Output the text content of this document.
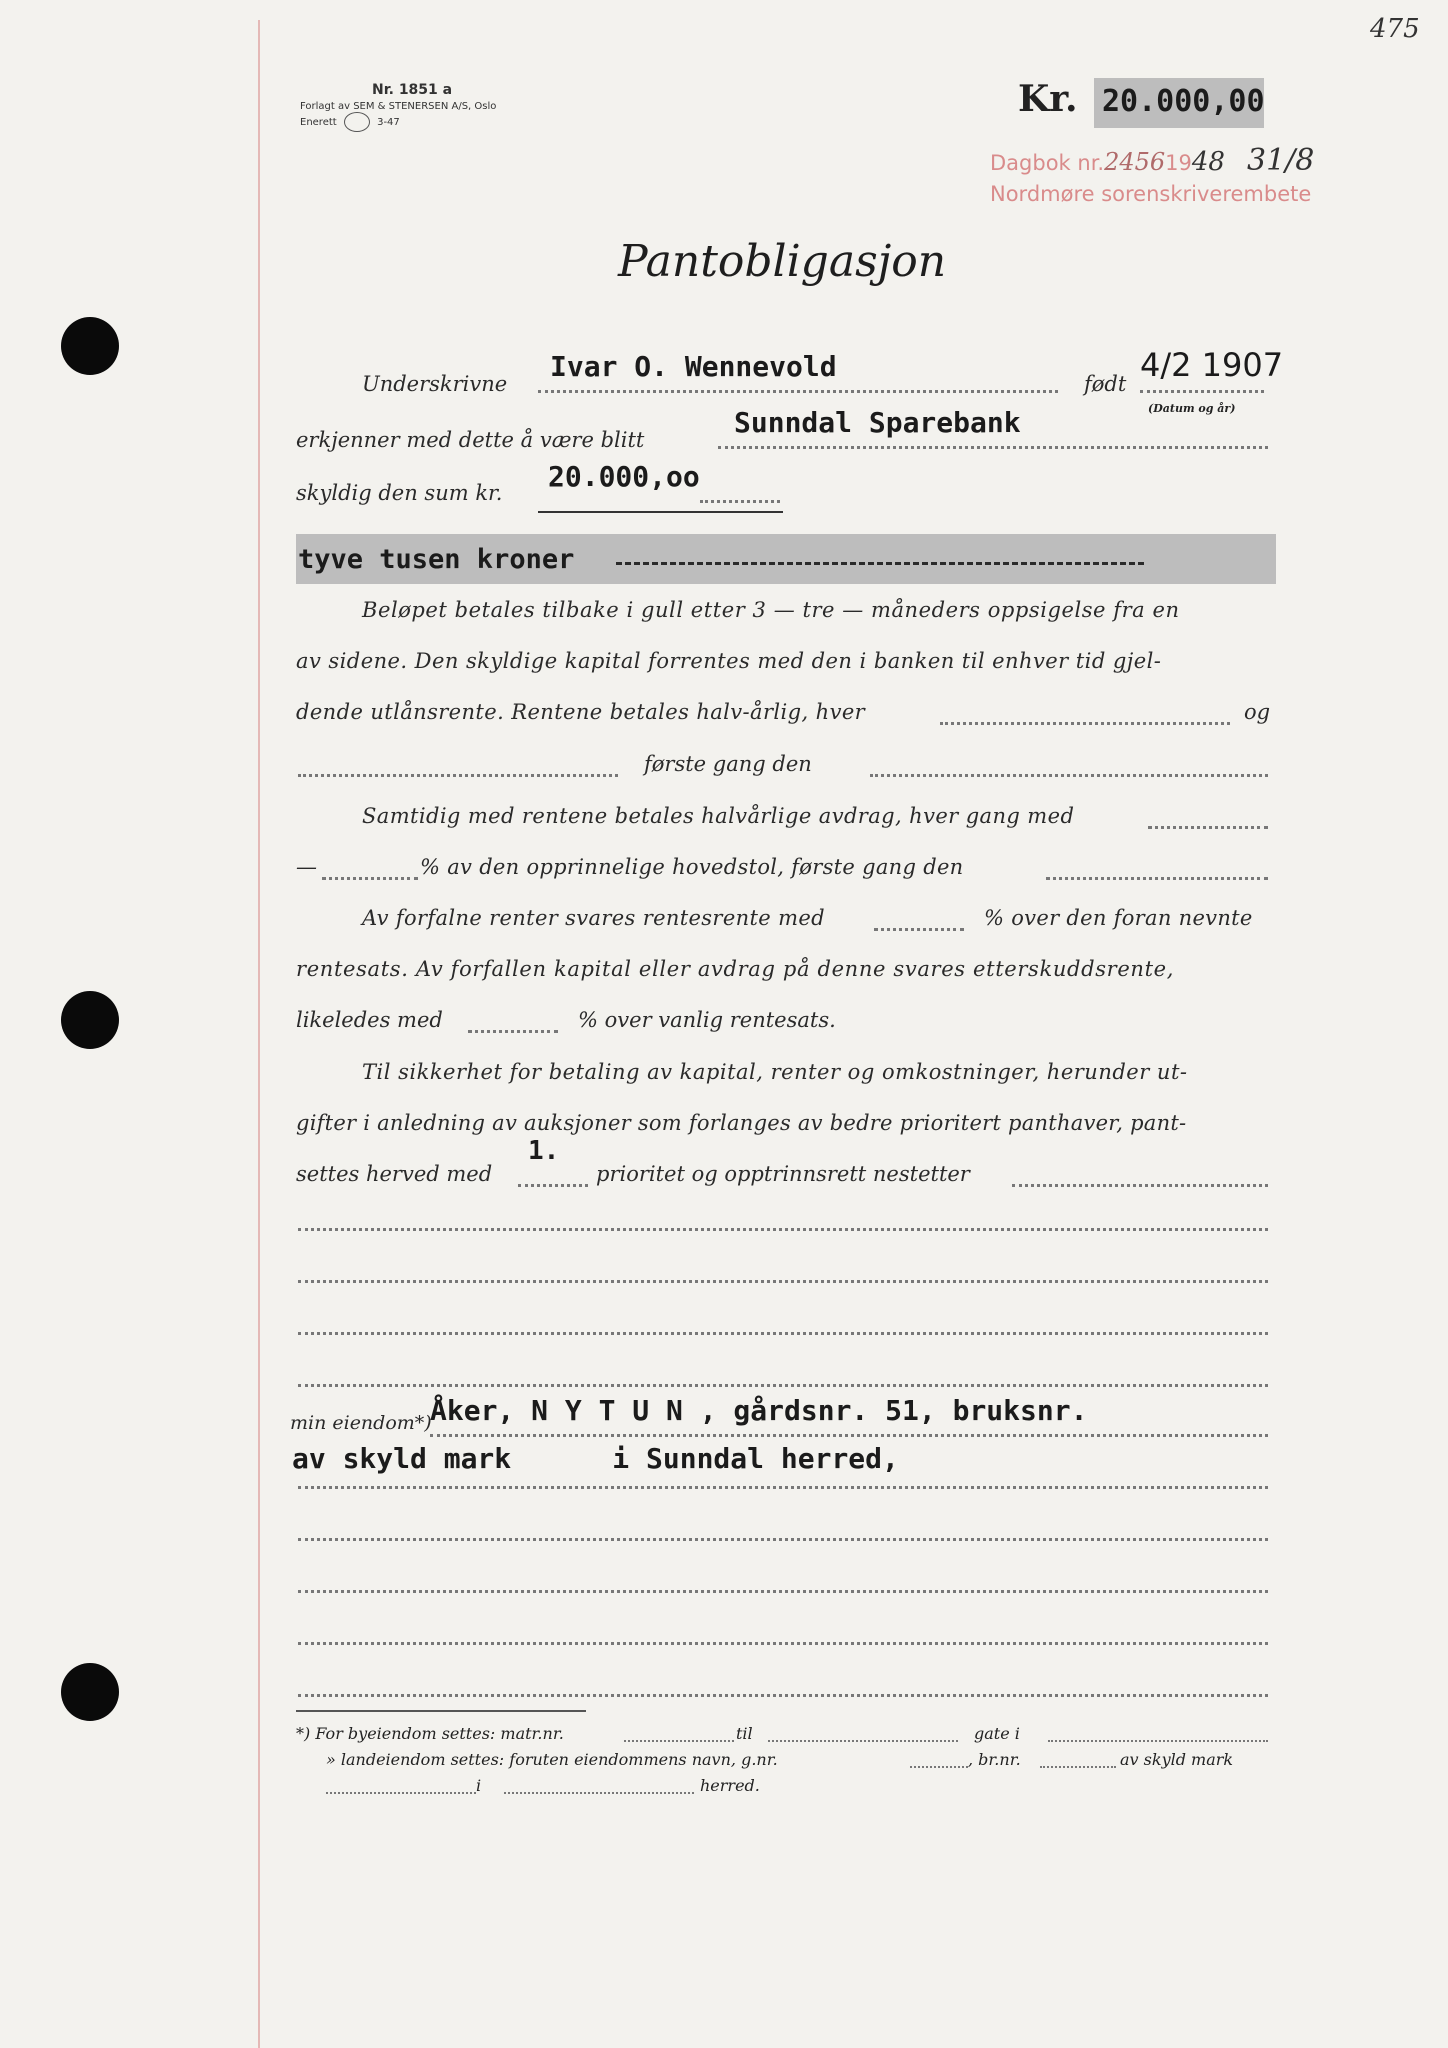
475
Nr. 1851 a
Forlagt av SEM & STENERSEN A/S, Oslo
Enerett	3-47
Kr. 20.000,00
Dagbok nr.24561948 31/8
Nordmøre sorenskriverembete
Pantobligasjon
Underskrivne
Ivar O. Wennevold
født 4/2 1907
(Datum og år)
erkjenner med dette å være blitt
Sunndal Sparebank
skyldig den sum kr. 20.000,oo
tyve tusen kroner
Beløpet betales tilbake i gull etter 3 — tre — måneders oppsigelse fra en
av sidene. Den skyldige kapital forrentes med den i banken til enhver tid gjel-
dende utlånsrente. Rentene betales halv-årlig, hver	og
første gang den
Samtidig med rentene betales halvårlige avdrag, hver gang med
—	% av den opprinnelige hovedstol, første gang den
Av forfalne renter svares rentesrente med	% over den foran nevnte
rentesats. Av forfallen kapital eller avdrag på denne svares etterskuddsrente,
likeledes med	% over vanlig rentesats.
Til sikkerhet for betaling av kapital, renter og omkostninger, herunder ut-
gifter i anledning av auksjoner som forlanges av bedre prioritert panthaver, pant-
settes herved med
1.
prioritet og opptrinnsrett nestetter
min eiendom*)
Åker, N Y T U N , gårdsnr. 51, bruksnr.
av skyld mark      i Sunndal herred,
*) For byeiendom settes: matr.nr.	til	gate i
» landeiendom settes: foruten eiendommens navn, g.nr.	, br.nr.	av skyld mark
i	herred.
